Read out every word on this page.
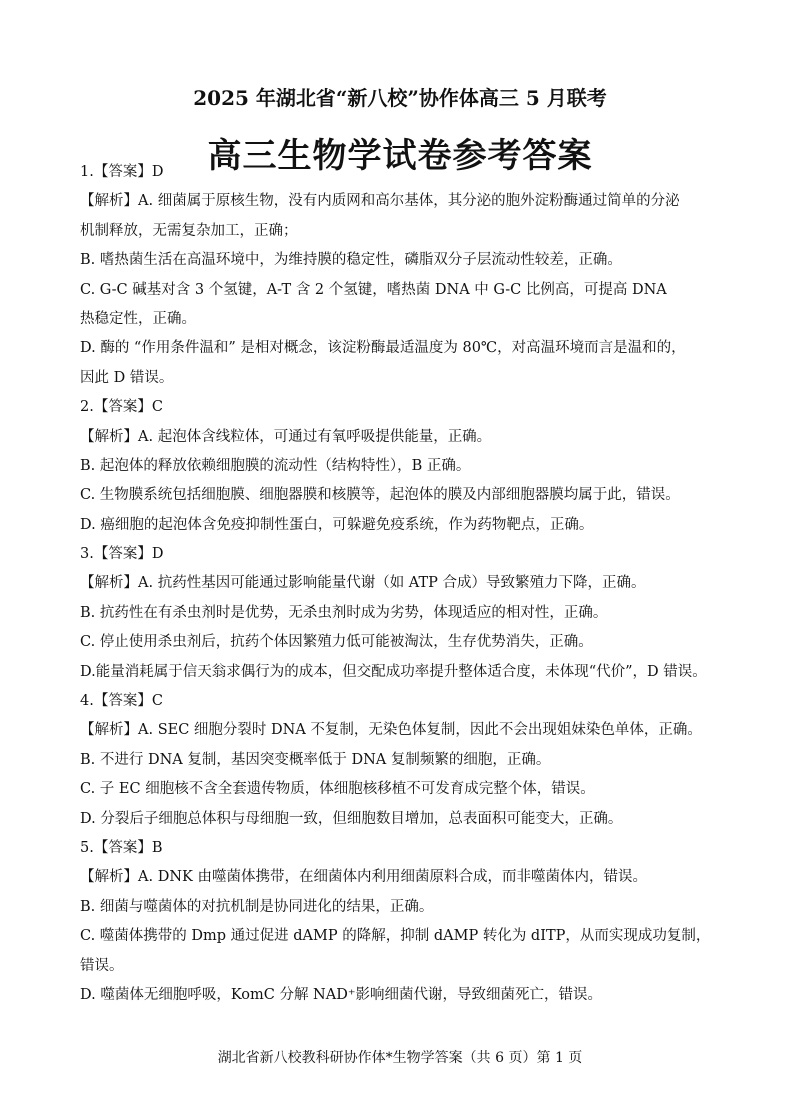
2025 年湖北省“新八校”协作体高三 5 月联考
高三生物学试卷参考答案
1.【答案】D
【解析】A. 细菌属于原核生物，没有内质网和高尔基体，其分泌的胞外淀粉酶通过简单的分泌
机制释放，无需复杂加工，正确；
B. 嗜热菌生活在高温环境中，为维持膜的稳定性，磷脂双分子层流动性较差，正确。
C. G-C 碱基对含 3 个氢键，A-T 含 2 个氢键，嗜热菌 DNA 中 G-C 比例高，可提高 DNA
热稳定性，正确。
D. 酶的 “作用条件温和” 是相对概念，该淀粉酶最适温度为 80℃，对高温环境而言是温和的，
因此 D 错误。
2.【答案】C
【解析】A. 起泡体含线粒体，可通过有氧呼吸提供能量，正确。
B. 起泡体的释放依赖细胞膜的流动性（结构特性），B 正确。
C. 生物膜系统包括细胞膜、细胞器膜和核膜等，起泡体的膜及内部细胞器膜均属于此，错误。
D. 癌细胞的起泡体含免疫抑制性蛋白，可躲避免疫系统，作为药物靶点，正确。
3.【答案】D
【解析】A. 抗药性基因可能通过影响能量代谢（如 ATP 合成）导致繁殖力下降，正确。
B. 抗药性在有杀虫剂时是优势，无杀虫剂时成为劣势，体现适应的相对性，正确。
C. 停止使用杀虫剂后，抗药个体因繁殖力低可能被淘汰，生存优势消失，正确。
D.能量消耗属于信天翁求偶行为的成本，但交配成功率提升整体适合度，未体现“代价”，D 错误。
4.【答案】C
【解析】A. SEC 细胞分裂时 DNA 不复制，无染色体复制，因此不会出现姐妹染色单体，正确。
B. 不进行 DNA 复制，基因突变概率低于 DNA 复制频繁的细胞，正确。
C. 子 EC 细胞核不含全套遗传物质，体细胞核移植不可发育成完整个体，错误。
D. 分裂后子细胞总体积与母细胞一致，但细胞数目增加，总表面积可能变大，正确。
5.【答案】B
【解析】A. DNK 由噬菌体携带，在细菌体内利用细菌原料合成，而非噬菌体内，错误。
B. 细菌与噬菌体的对抗机制是协同进化的结果，正确。
C. 噬菌体携带的 Dmp 通过促进 dAMP 的降解，抑制 dAMP 转化为 dITP，从而实现成功复制，
错误。
D. 噬菌体无细胞呼吸，KomC 分解 NAD⁺影响细菌代谢，导致细菌死亡，错误。
湖北省新八校教科研协作体*生物学答案（共 6 页）第 1 页
